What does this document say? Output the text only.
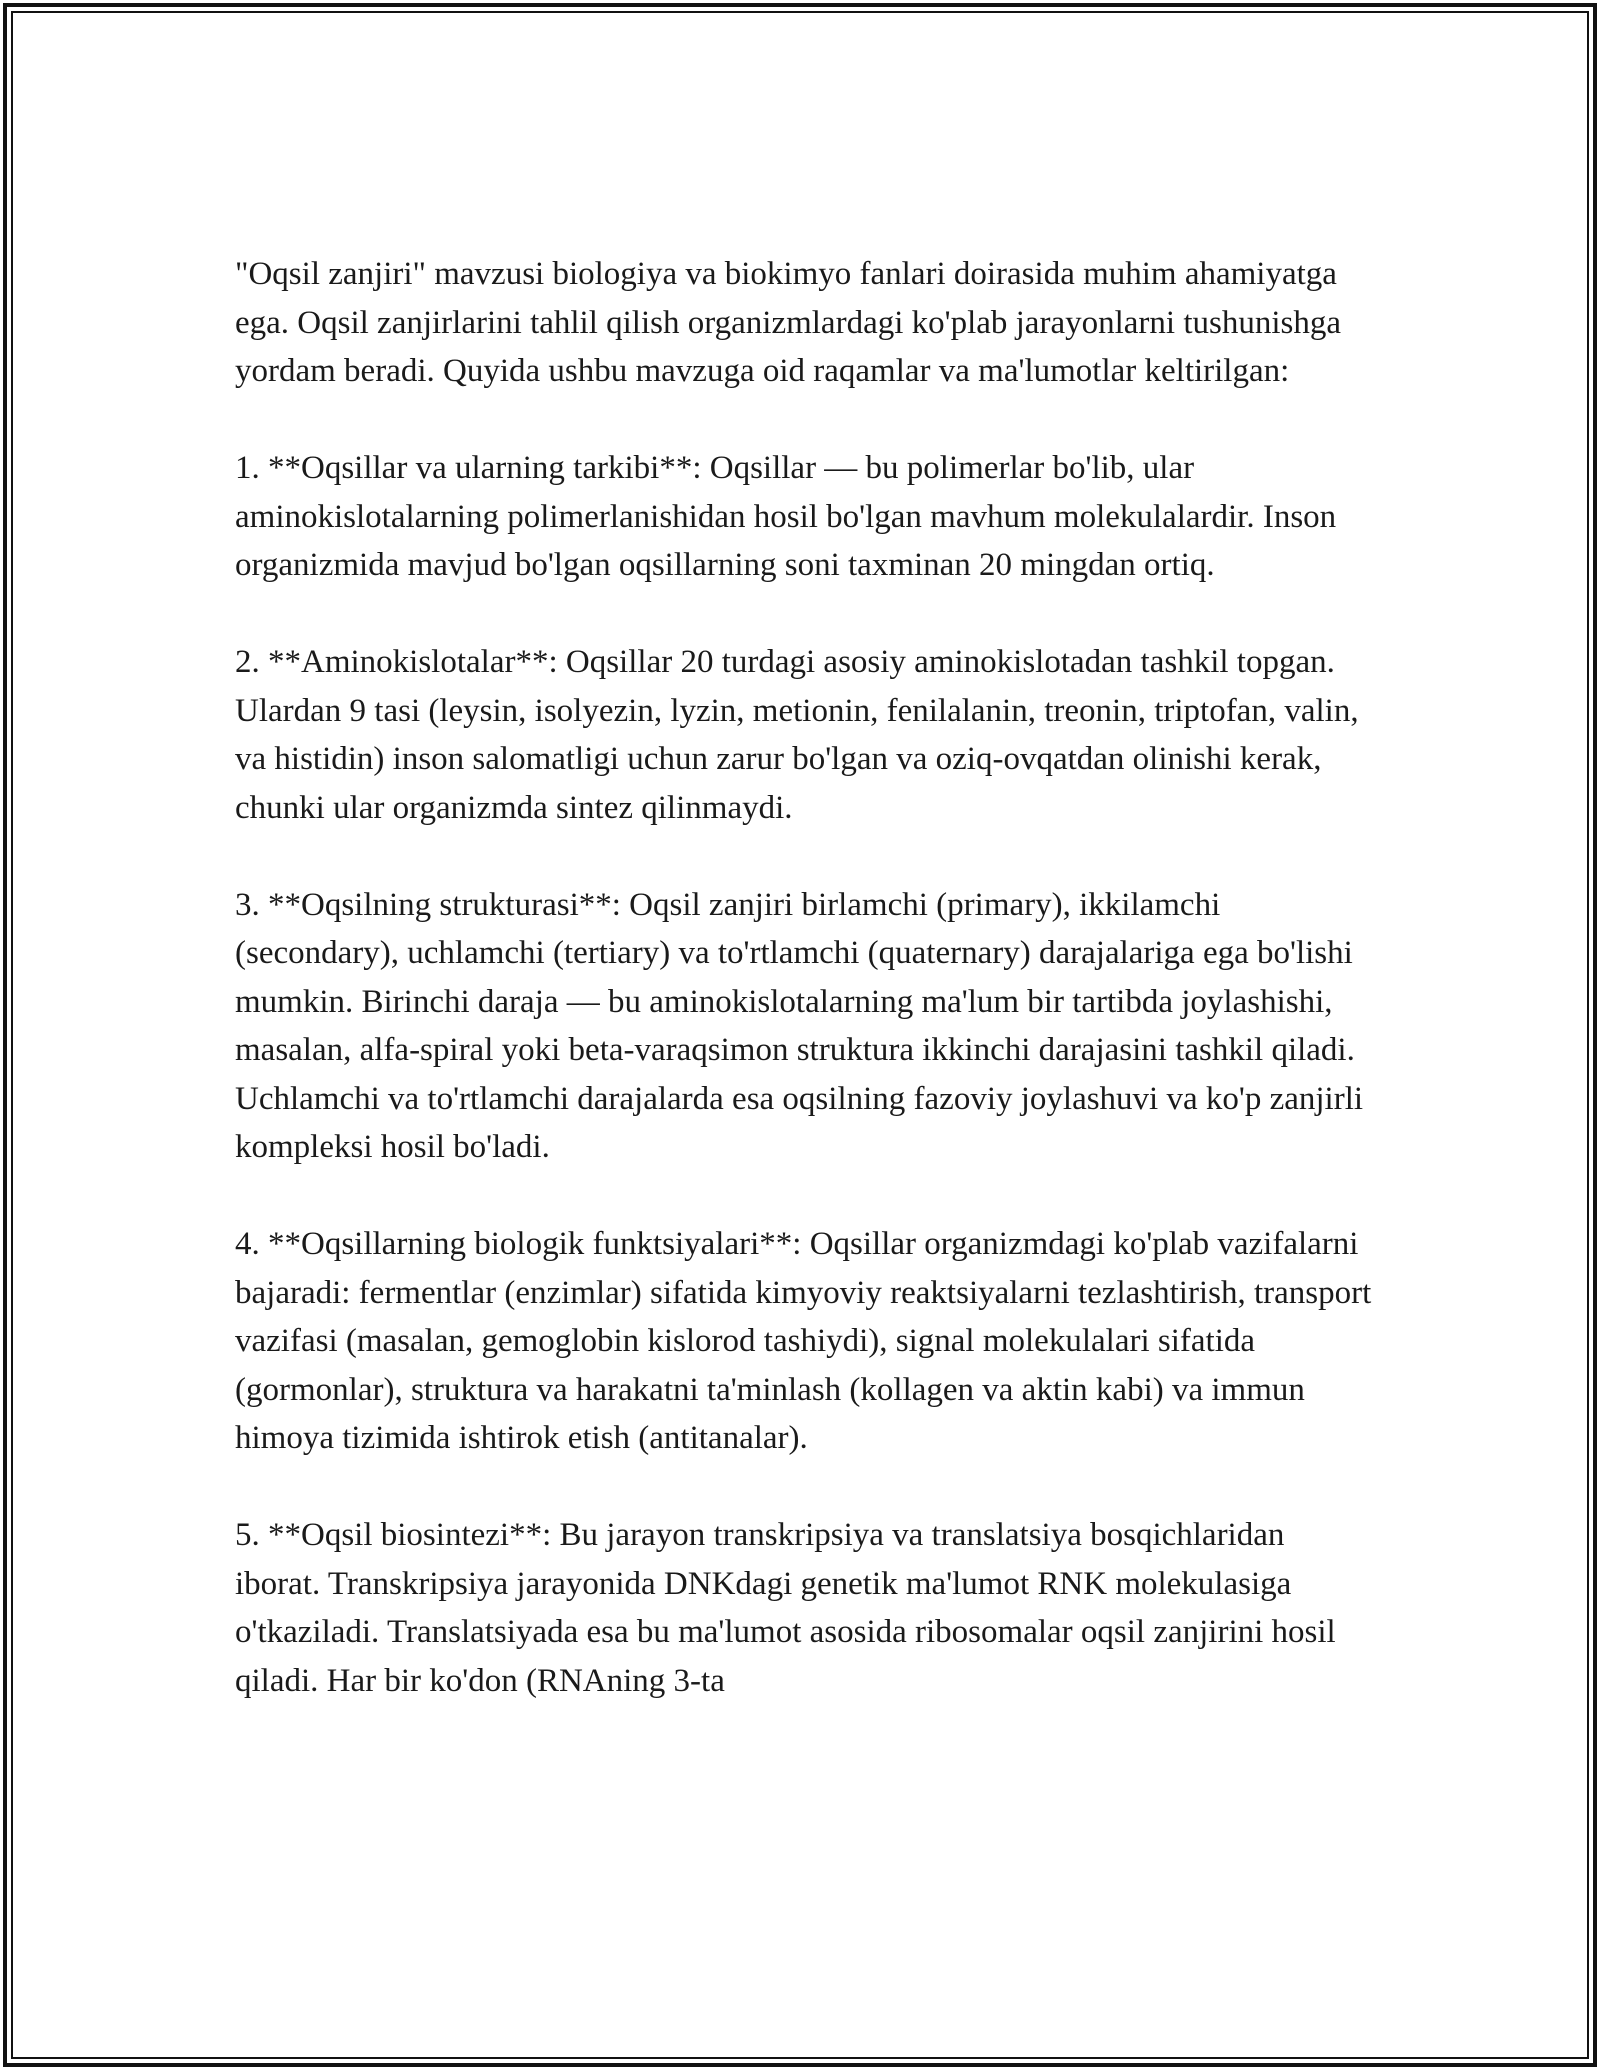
"Oqsil zanjiri" mavzusi biologiya va biokimyo fanlari doirasida muhim ahamiyatga ega. Oqsil zanjirlarini tahlil qilish organizmlardagi ko'plab jarayonlarni tushunishga yordam beradi. Quyida ushbu mavzuga oid raqamlar va ma'lumotlar keltirilgan:

1. **Oqsillar va ularning tarkibi**: Oqsillar — bu polimerlar bo'lib, ular aminokislotalarning polimerlanishidan hosil bo'lgan mavhum molekulalardir. Inson organizmida mavjud bo'lgan oqsillarning soni taxminan 20 mingdan ortiq.

2. **Aminokislotalar**: Oqsillar 20 turdagi asosiy aminokislotadan tashkil topgan. Ulardan 9 tasi (leysin, isolyezin, lyzin, metionin, fenilalanin, treonin, triptofan, valin, va histidin) inson salomatligi uchun zarur bo'lgan va oziq-ovqatdan olinishi kerak, chunki ular organizmda sintez qilinmaydi.

3. **Oqsilning strukturasi**: Oqsil zanjiri birlamchi (primary), ikkilamchi (secondary), uchlamchi (tertiary) va to'rtlamchi (quaternary) darajalariga ega bo'lishi mumkin. Birinchi daraja — bu aminokislotalarning ma'lum bir tartibda joylashishi, masalan, alfa-spiral yoki beta-varaqsimon struktura ikkinchi darajasini tashkil qiladi. Uchlamchi va to'rtlamchi darajalarda esa oqsilning fazoviy joylashuvi va ko'p zanjirli kompleksi hosil bo'ladi.

4. **Oqsillarning biologik funktsiyalari**: Oqsillar organizmdagi ko'plab vazifalarni bajaradi: fermentlar (enzimlar) sifatida kimyoviy reaktsiyalarni tezlashtirish, transport vazifasi (masalan, gemoglobin kislorod tashiydi), signal molekulalari sifatida (gormonlar), struktura va harakatni ta'minlash (kollagen va aktin kabi) va immun himoya tizimida ishtirok etish (antitanalar).

5. **Oqsil biosintezi**: Bu jarayon transkripsiya va translatsiya bosqichlaridan iborat. Transkripsiya jarayonida DNKdagi genetik ma'lumot RNK molekulasiga o'tkaziladi. Translatsiyada esa bu ma'lumot asosida ribosomalar oqsil zanjirini hosil qiladi. Har bir ko'don (RNAning 3-ta
